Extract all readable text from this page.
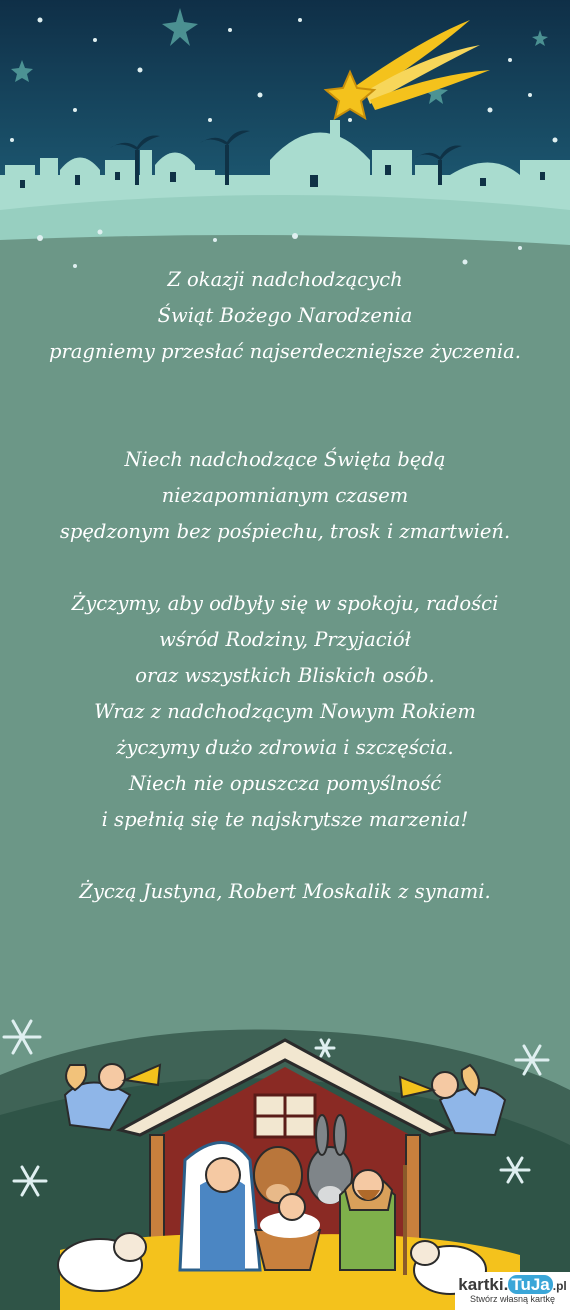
Z okazji nadchodzących
Świąt Bożego Narodzenia
pragniemy przesłać najserdeczniejsze życzenia.
Niech nadchodzące Święta będą
niezapomnianym czasem
spędzonym bez pośpiechu, trosk i zmartwień.
Życzymy, aby odbyły się w spokoju, radości
wśród Rodziny, Przyjaciół
oraz wszystkich Bliskich osób.
Wraz z nadchodzącym Nowym Rokiem
życzymy dużo zdrowia i szczęścia.
Niech nie opuszcza pomyślność
i spełnią się te najskrytsze marzenia!
Życzą Justyna, Robert Moskalik z synami.
kartki. TuJa .pl
Stwórz własną kartkę
